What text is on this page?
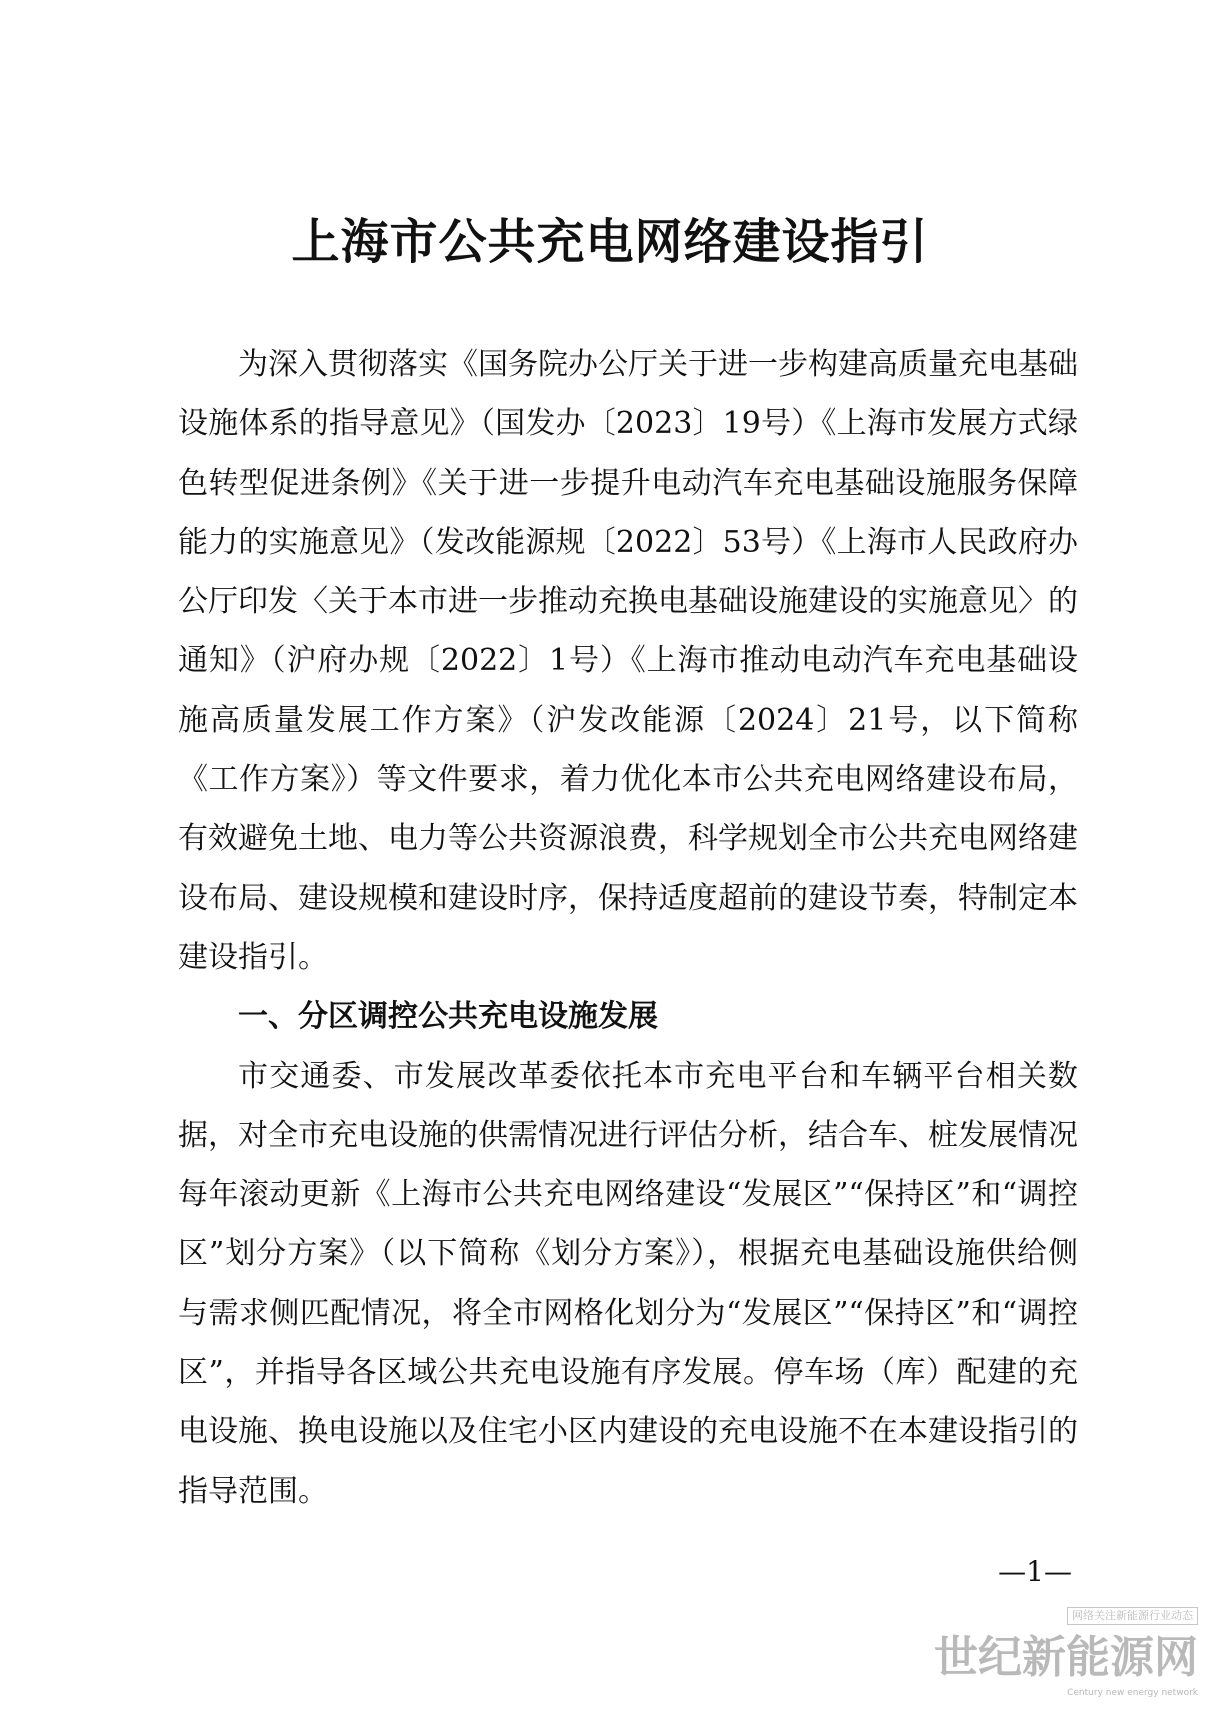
上海市公共充电网络建设指引

为深入贯彻落实《国务院办公厅关于进一步构建高质量充电基础设施体系的指导意见》（国发办〔2023〕19号）《上海市发展方式绿色转型促进条例》《关于进一步提升电动汽车充电基础设施服务保障能力的实施意见》（发改能源规〔2022〕53号）《上海市人民政府办公厅印发〈关于本市进一步推动充换电基础设施建设的实施意见〉的通知》（沪府办规〔2022〕1号）《上海市推动电动汽车充电基础设施高质量发展工作方案》（沪发改能源〔2024〕21号，以下简称《工作方案》）等文件要求，着力优化本市公共充电网络建设布局，有效避免土地、电力等公共资源浪费，科学规划全市公共充电网络建设布局、建设规模和建设时序，保持适度超前的建设节奏，特制定本建设指引。

一、分区调控公共充电设施发展

市交通委、市发展改革委依托本市充电平台和车辆平台相关数据，对全市充电设施的供需情况进行评估分析，结合车、桩发展情况每年滚动更新《上海市公共充电网络建设“发展区”“保持区”和“调控区”划分方案》（以下简称《划分方案》），根据充电基础设施供给侧与需求侧匹配情况，将全市网格化划分为“发展区”“保持区”和“调控区”，并指导各区域公共充电设施有序发展。停车场（库）配建的充电设施、换电设施以及住宅小区内建设的充电设施不在本建设指引的指导范围。

—1—
网络关注新能源行业动态
世纪新能源网
Century new energy network
